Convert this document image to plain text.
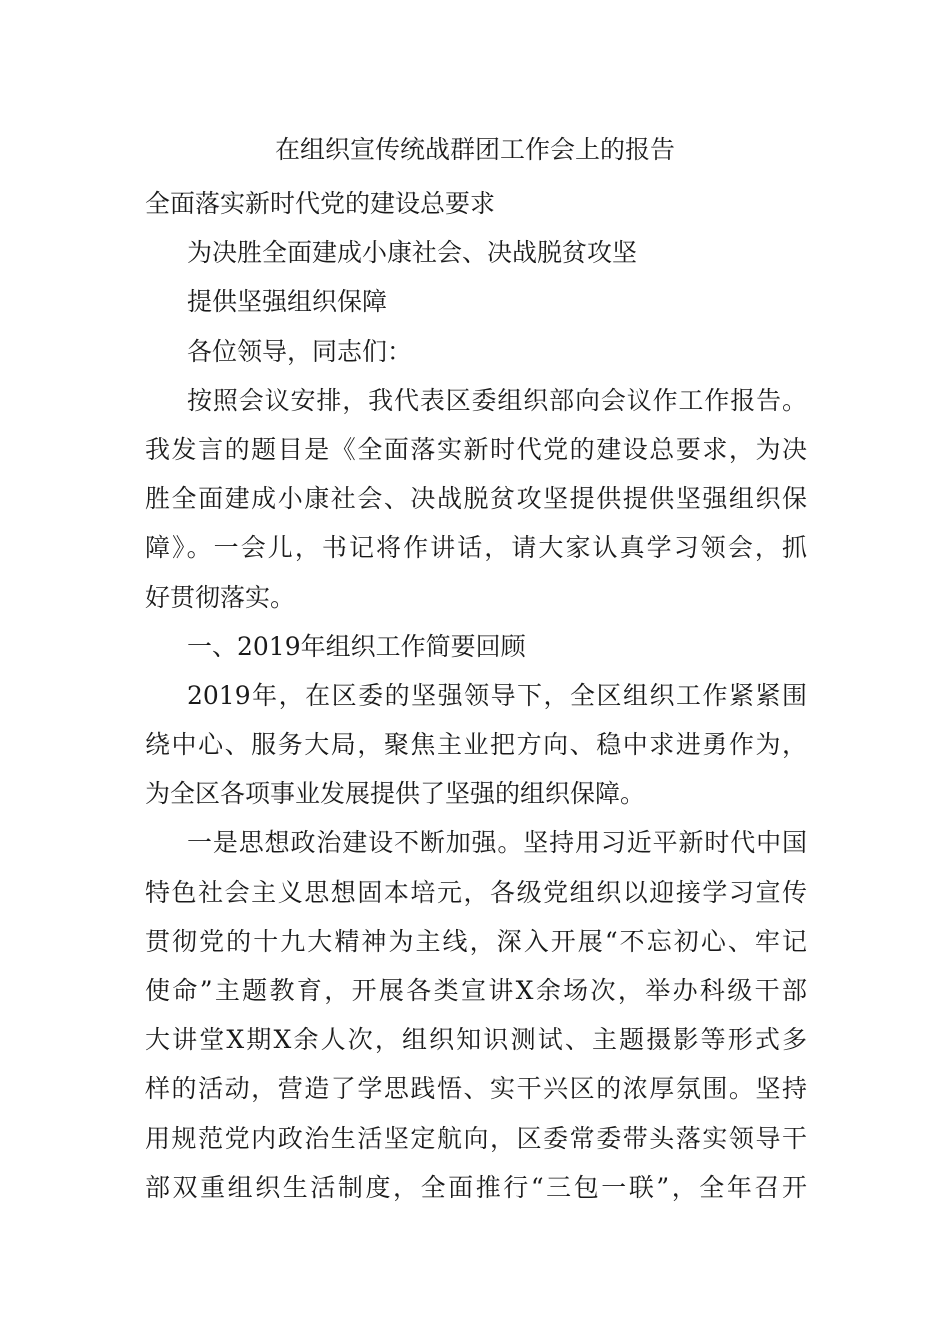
在组织宣传统战群团工作会上的报告

全面落实新时代党的建设总要求

为决胜全面建成小康社会、决战脱贫攻坚

提供坚强组织保障

各位领导，同志们：

按照会议安排，我代表区委组织部向会议作工作报告。

我发言的题目是《全面落实新时代党的建设总要求，为决

胜全面建成小康社会、决战脱贫攻坚提供提供坚强组织保

障》。一会儿，书记将作讲话，请大家认真学习领会，抓

好贯彻落实。

一、2019年组织工作简要回顾

2019年，在区委的坚强领导下，全区组织工作紧紧围

绕中心、服务大局，聚焦主业把方向、稳中求进勇作为，

为全区各项事业发展提供了坚强的组织保障。

一是思想政治建设不断加强。坚持用习近平新时代中国

特色社会主义思想固本培元，各级党组织以迎接学习宣传

贯彻党的十九大精神为主线，深入开展“不忘初心、牢记

使命”主题教育，开展各类宣讲X余场次，举办科级干部

大讲堂X期X余人次，组织知识测试、主题摄影等形式多

样的活动，营造了学思践悟、实干兴区的浓厚氛围。坚持

用规范党内政治生活坚定航向，区委常委带头落实领导干

部双重组织生活制度，全面推行“三包一联”，全年召开
